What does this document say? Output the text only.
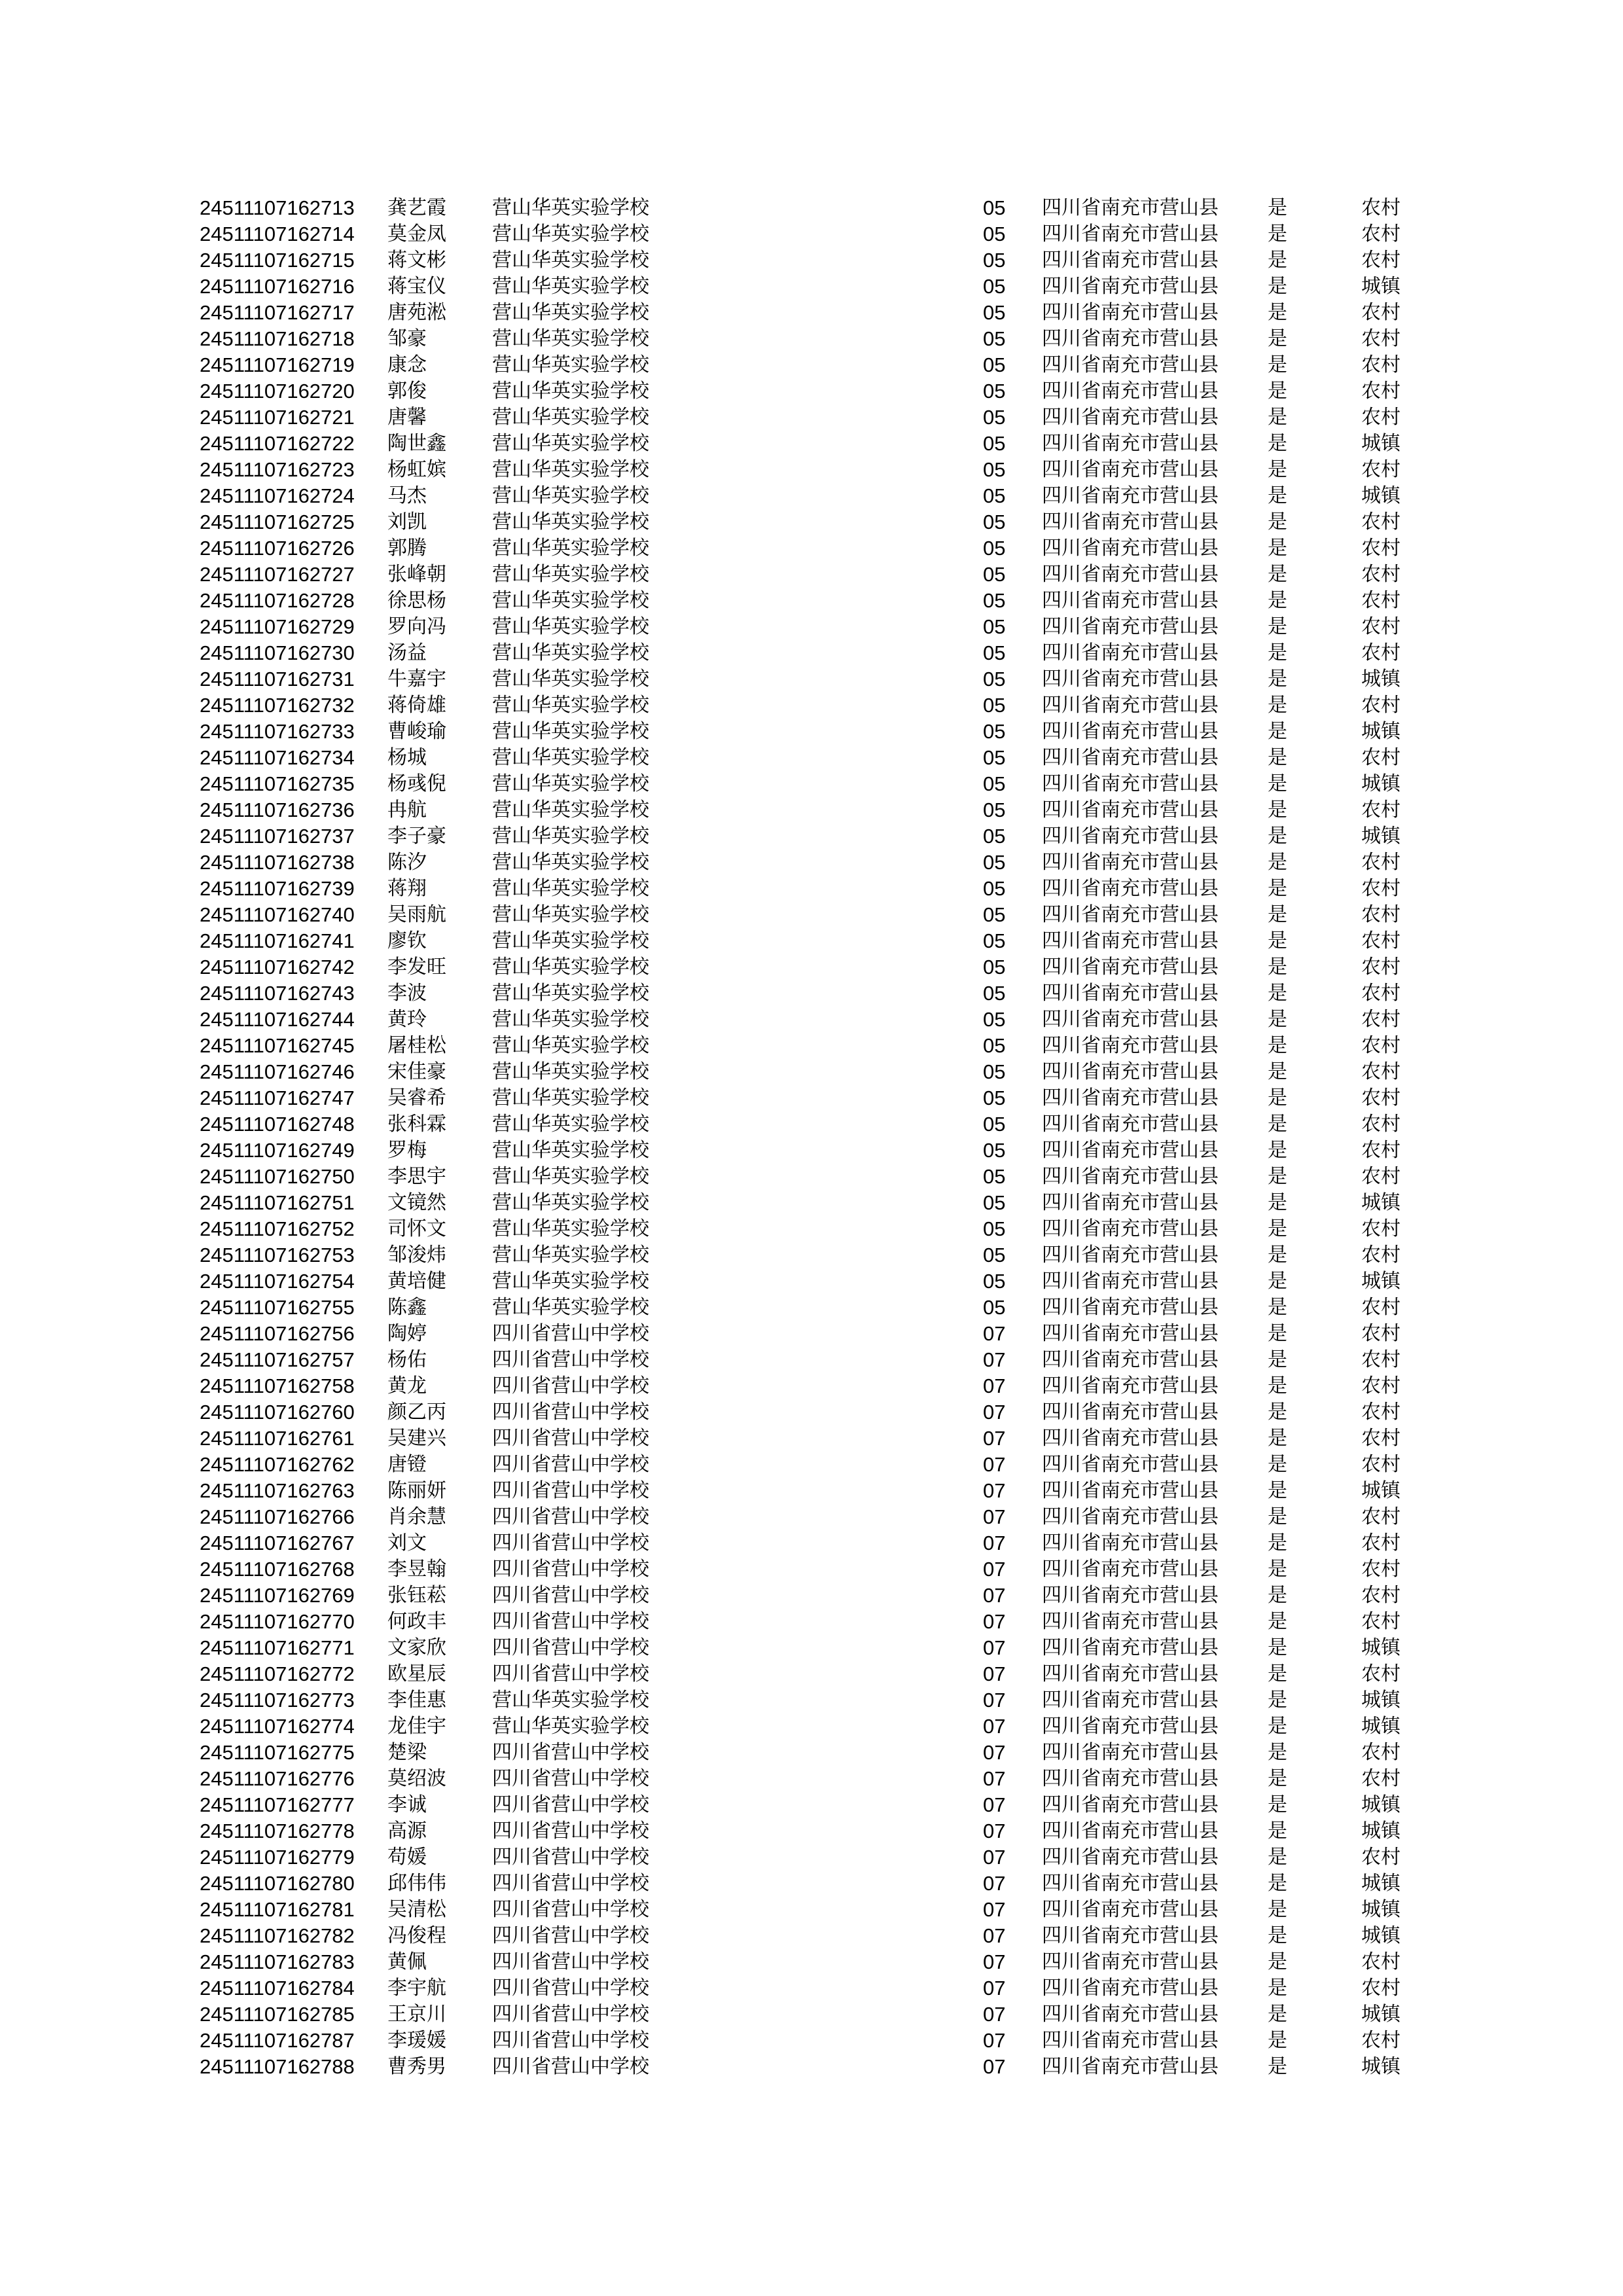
24511107162713 龚艺霞 营山华英实验学校	05 四川省南充市营山县	是	农村
24511107162714 莫金凤 营山华英实验学校	05 四川省南充市营山县	是	农村
24511107162715 蒋文彬 营山华英实验学校	05 四川省南充市营山县	是	农村
24511107162716 蒋宝仪 营山华英实验学校	05 四川省南充市营山县	是	城镇
24511107162717 唐苑淞 营山华英实验学校	05 四川省南充市营山县	是	农村
24511107162718 邹豪	营山华英实验学校	05 四川省南充市营山县	是	农村
24511107162719 康念	营山华英实验学校	05 四川省南充市营山县	是	农村
24511107162720 郭俊	营山华英实验学校	05 四川省南充市营山县	是	农村
24511107162721 唐馨	营山华英实验学校	05 四川省南充市营山县	是	农村
24511107162722 陶世鑫 营山华英实验学校	05 四川省南充市营山县	是	城镇
24511107162723 杨虹嫔 营山华英实验学校	05 四川省南充市营山县	是	农村
24511107162724 马杰	营山华英实验学校	05 四川省南充市营山县	是	城镇
24511107162725 刘凯	营山华英实验学校	05 四川省南充市营山县	是	农村
24511107162726 郭腾	营山华英实验学校	05 四川省南充市营山县	是	农村
24511107162727 张峰朝 营山华英实验学校	05 四川省南充市营山县	是	农村
24511107162728 徐思杨 营山华英实验学校	05 四川省南充市营山县	是	农村
24511107162729 罗向冯 营山华英实验学校	05 四川省南充市营山县	是	农村
24511107162730 汤益	营山华英实验学校	05 四川省南充市营山县	是	农村
24511107162731 牛嘉宇 营山华英实验学校	05 四川省南充市营山县	是	城镇
24511107162732 蒋倚雄 营山华英实验学校	05 四川省南充市营山县	是	农村
24511107162733 曹峻瑜 营山华英实验学校	05 四川省南充市营山县	是	城镇
24511107162734 杨城	营山华英实验学校	05 四川省南充市营山县	是	农村
24511107162735 杨彧倪 营山华英实验学校	05 四川省南充市营山县	是	城镇
24511107162736 冉航	营山华英实验学校	05 四川省南充市营山县	是	农村
24511107162737 李子豪 营山华英实验学校	05 四川省南充市营山县	是	城镇
24511107162738 陈汐	营山华英实验学校	05 四川省南充市营山县	是	农村
24511107162739 蒋翔	营山华英实验学校	05 四川省南充市营山县	是	农村
24511107162740 吴雨航 营山华英实验学校	05 四川省南充市营山县	是	农村
24511107162741 廖钦	营山华英实验学校	05 四川省南充市营山县	是	农村
24511107162742 李发旺 营山华英实验学校	05 四川省南充市营山县	是	农村
24511107162743 李波	营山华英实验学校	05 四川省南充市营山县	是	农村
24511107162744 黄玲	营山华英实验学校	05 四川省南充市营山县	是	农村
24511107162745 屠桂松 营山华英实验学校	05 四川省南充市营山县	是	农村
24511107162746 宋佳豪 营山华英实验学校	05 四川省南充市营山县	是	农村
24511107162747 吴睿希 营山华英实验学校	05 四川省南充市营山县	是	农村
24511107162748 张科霖 营山华英实验学校	05 四川省南充市营山县	是	农村
24511107162749 罗梅	营山华英实验学校	05 四川省南充市营山县	是	农村
24511107162750 李思宇 营山华英实验学校	05 四川省南充市营山县	是	农村
24511107162751 文镜然 营山华英实验学校	05 四川省南充市营山县	是	城镇
24511107162752 司怀文 营山华英实验学校	05 四川省南充市营山县	是	农村
24511107162753 邹浚炜 营山华英实验学校	05 四川省南充市营山县	是	农村
24511107162754 黄培健 营山华英实验学校	05 四川省南充市营山县	是	城镇
24511107162755 陈鑫	营山华英实验学校	05 四川省南充市营山县	是	农村
24511107162756 陶婷	四川省营山中学校	07 四川省南充市营山县	是	农村
24511107162757 杨佑	四川省营山中学校	07 四川省南充市营山县	是	农村
24511107162758 黄龙	四川省营山中学校	07 四川省南充市营山县	是	农村
24511107162760 颜乙丙 四川省营山中学校	07 四川省南充市营山县	是	农村
24511107162761 吴建兴 四川省营山中学校	07 四川省南充市营山县	是	农村
24511107162762 唐镫	四川省营山中学校	07 四川省南充市营山县	是	农村
24511107162763 陈丽妍 四川省营山中学校	07 四川省南充市营山县	是	城镇
24511107162766 肖余慧 四川省营山中学校	07 四川省南充市营山县	是	农村
24511107162767 刘文	四川省营山中学校	07 四川省南充市营山县	是	农村
24511107162768 李昱翰 四川省营山中学校	07 四川省南充市营山县	是	农村
24511107162769 张钰菘 四川省营山中学校	07 四川省南充市营山县	是	农村
24511107162770 何政丰 四川省营山中学校	07 四川省南充市营山县	是	农村
24511107162771 文家欣 四川省营山中学校	07 四川省南充市营山县	是	城镇
24511107162772 欧星辰 四川省营山中学校	07 四川省南充市营山县	是	农村
24511107162773 李佳惠 营山华英实验学校	07 四川省南充市营山县	是	城镇
24511107162774 龙佳宇 营山华英实验学校	07 四川省南充市营山县	是	城镇
24511107162775 楚梁	四川省营山中学校	07 四川省南充市营山县	是	农村
24511107162776 莫绍波 四川省营山中学校	07 四川省南充市营山县	是	农村
24511107162777 李诚	四川省营山中学校	07 四川省南充市营山县	是	城镇
24511107162778 高源	四川省营山中学校	07 四川省南充市营山县	是	城镇
24511107162779 苟媛	四川省营山中学校	07 四川省南充市营山县	是	农村
24511107162780 邱伟伟 四川省营山中学校	07 四川省南充市营山县	是	城镇
24511107162781 吴清松 四川省营山中学校	07 四川省南充市营山县	是	城镇
24511107162782 冯俊程 四川省营山中学校	07 四川省南充市营山县	是	城镇
24511107162783 黄佩	四川省营山中学校	07 四川省南充市营山县	是	农村
24511107162784 李宇航 四川省营山中学校	07 四川省南充市营山县	是	农村
24511107162785 王京川 四川省营山中学校	07 四川省南充市营山县	是	城镇
24511107162787 李瑗媛 四川省营山中学校	07 四川省南充市营山县	是	农村
24511107162788 曹秀男 四川省营山中学校	07 四川省南充市营山县	是	城镇
